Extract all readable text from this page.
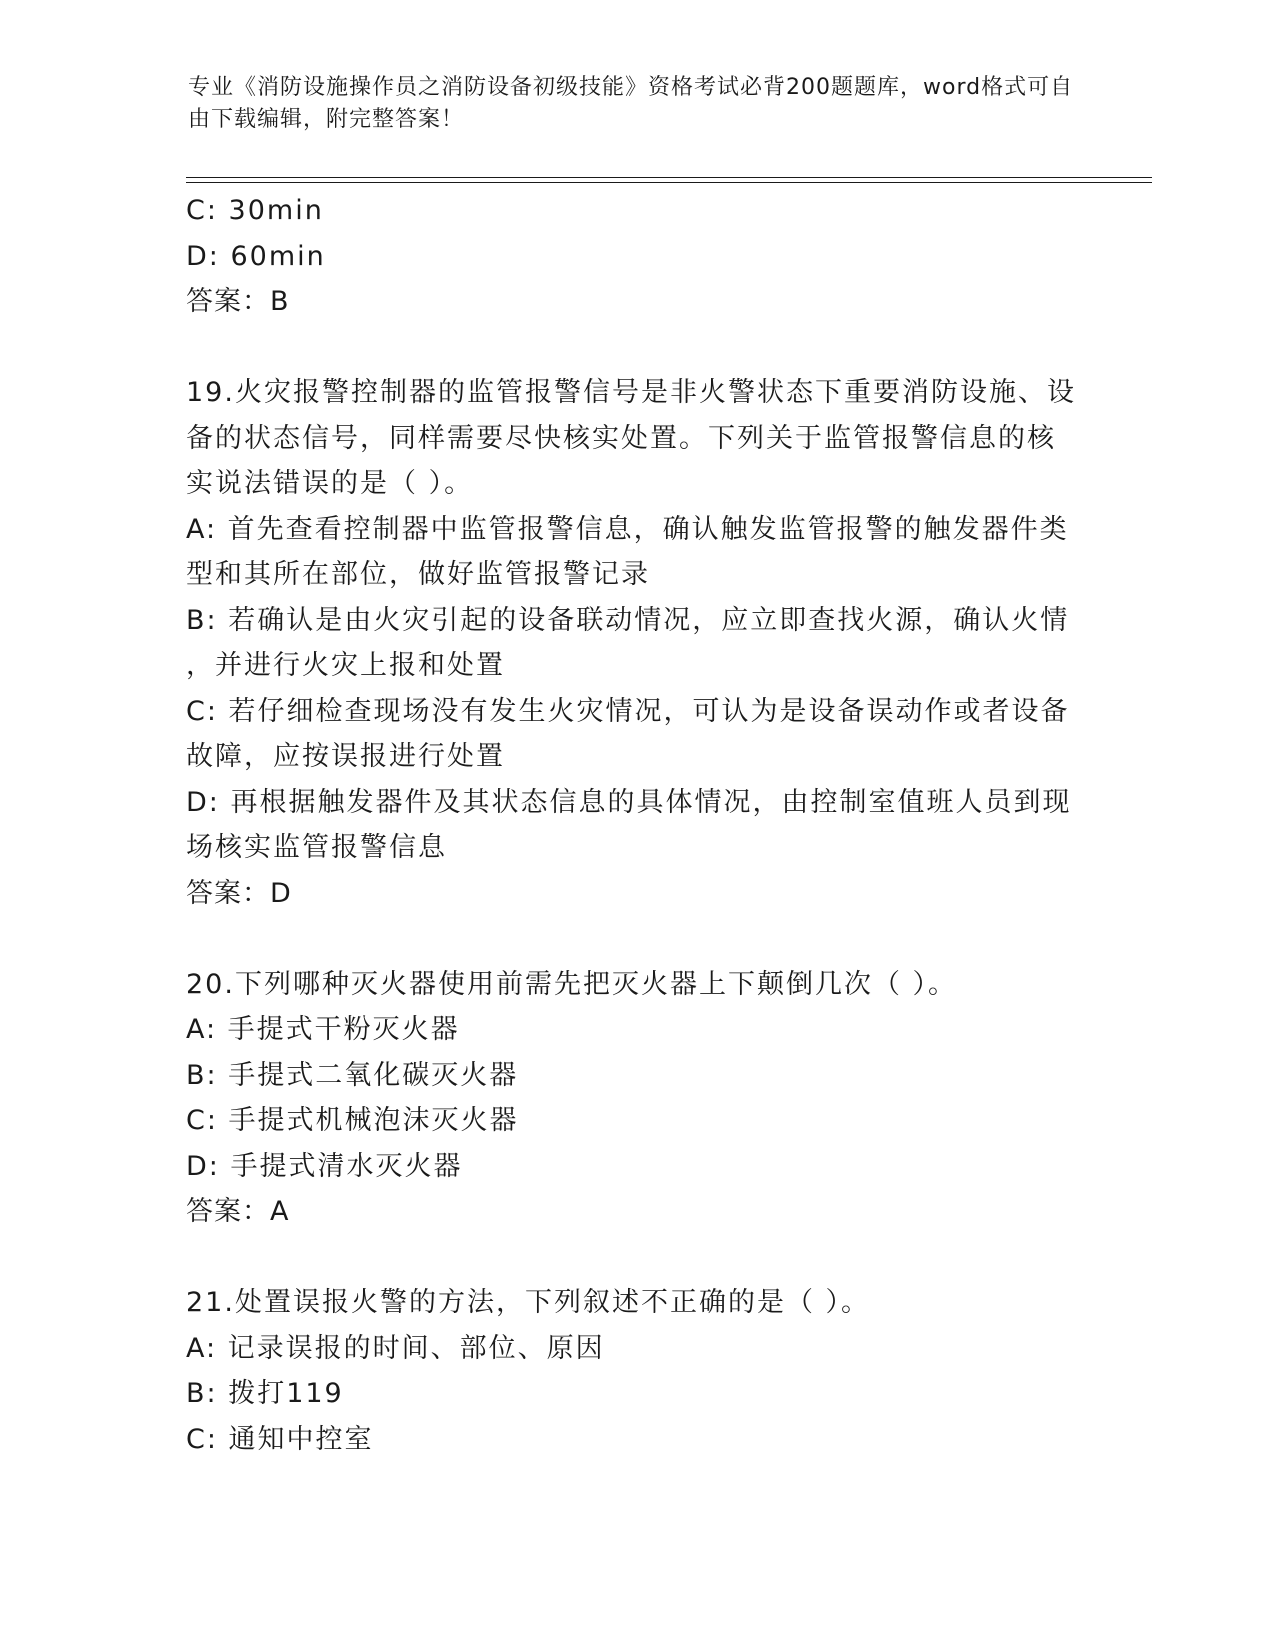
专业《消防设施操作员之消防设备初级技能》资格考试必背200题题库，word格式可自由下载编辑，附完整答案！

C: 30min

D: 60min

答案：B

19.火灾报警控制器的监管报警信号是非火警状态下重要消防设施、设

备的状态信号，同样需要尽快核实处置。下列关于监管报警信息的核

实说法错误的是（ ）。

A: 首先查看控制器中监管报警信息，确认触发监管报警的触发器件类

型和其所在部位，做好监管报警记录

B: 若确认是由火灾引起的设备联动情况，应立即查找火源，确认火情

，并进行火灾上报和处置

C: 若仔细检查现场没有发生火灾情况，可认为是设备误动作或者设备

故障，应按误报进行处置

D: 再根据触发器件及其状态信息的具体情况，由控制室值班人员到现

场核实监管报警信息

答案：D

20.下列哪种灭火器使用前需先把灭火器上下颠倒几次（ ）。

A: 手提式干粉灭火器

B: 手提式二氧化碳灭火器

C: 手提式机械泡沫灭火器

D: 手提式清水灭火器

答案：A

21.处置误报火警的方法，下列叙述不正确的是（ ）。

A: 记录误报的时间、部位、原因

B: 拨打119

C: 通知中控室
